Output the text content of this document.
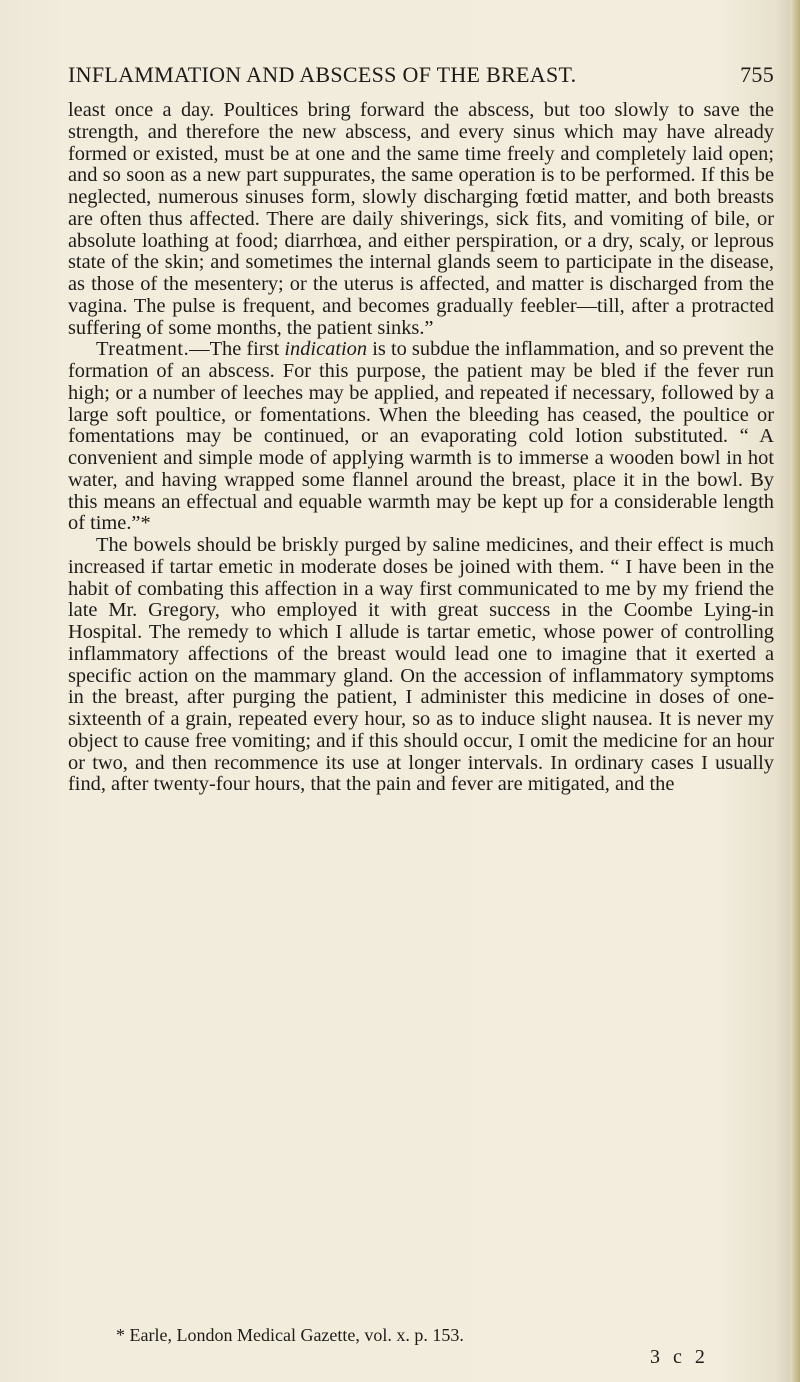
INFLAMMATION AND ABSCESS OF THE BREAST.	755

least once a day. Poultices bring forward the abscess, but too slowly to save the strength, and therefore the new abscess, and every sinus which may have already formed or existed, must be at one and the same time freely and completely laid open; and so soon as a new part suppurates, the same operation is to be performed. If this be neglected, numerous sinuses form, slowly discharging fœtid matter, and both breasts are often thus affected. There are daily shiverings, sick fits, and vomiting of bile, or absolute loathing at food; diarrhœa, and either perspiration, or a dry, scaly, or leprous state of the skin; and sometimes the internal glands seem to participate in the disease, as those of the mesentery; or the uterus is affected, and matter is discharged from the vagina. The pulse is frequent, and becomes gradually feebler—till, after a protracted suffering of some months, the patient sinks.”

Treatment.—The first indication is to subdue the inflammation, and so prevent the formation of an abscess. For this purpose, the patient may be bled if the fever run high; or a number of leeches may be applied, and repeated if necessary, followed by a large soft poultice, or fomentations. When the bleeding has ceased, the poultice or fomentations may be continued, or an evaporating cold lotion substituted. “ A convenient and simple mode of applying warmth is to immerse a wooden bowl in hot water, and having wrapped some flannel around the breast, place it in the bowl. By this means an effectual and equable warmth may be kept up for a considerable length of time.”*

The bowels should be briskly purged by saline medicines, and their effect is much increased if tartar emetic in moderate doses be joined with them. “ I have been in the habit of combating this affection in a way first communicated to me by my friend the late Mr. Gregory, who employed it with great success in the Coombe Lying-in Hospital. The remedy to which I allude is tartar emetic, whose power of controlling inflammatory affections of the breast would lead one to imagine that it exerted a specific action on the mammary gland. On the accession of inflammatory symptoms in the breast, after purging the patient, I administer this medicine in doses of one-sixteenth of a grain, repeated every hour, so as to induce slight nausea. It is never my object to cause free vomiting; and if this should occur, I omit the medicine for an hour or two, and then recommence its use at longer intervals. In ordinary cases I usually find, after twenty-four hours, that the pain and fever are mitigated, and the

* Earle, London Medical Gazette, vol. x. p. 153.
3 c 2
